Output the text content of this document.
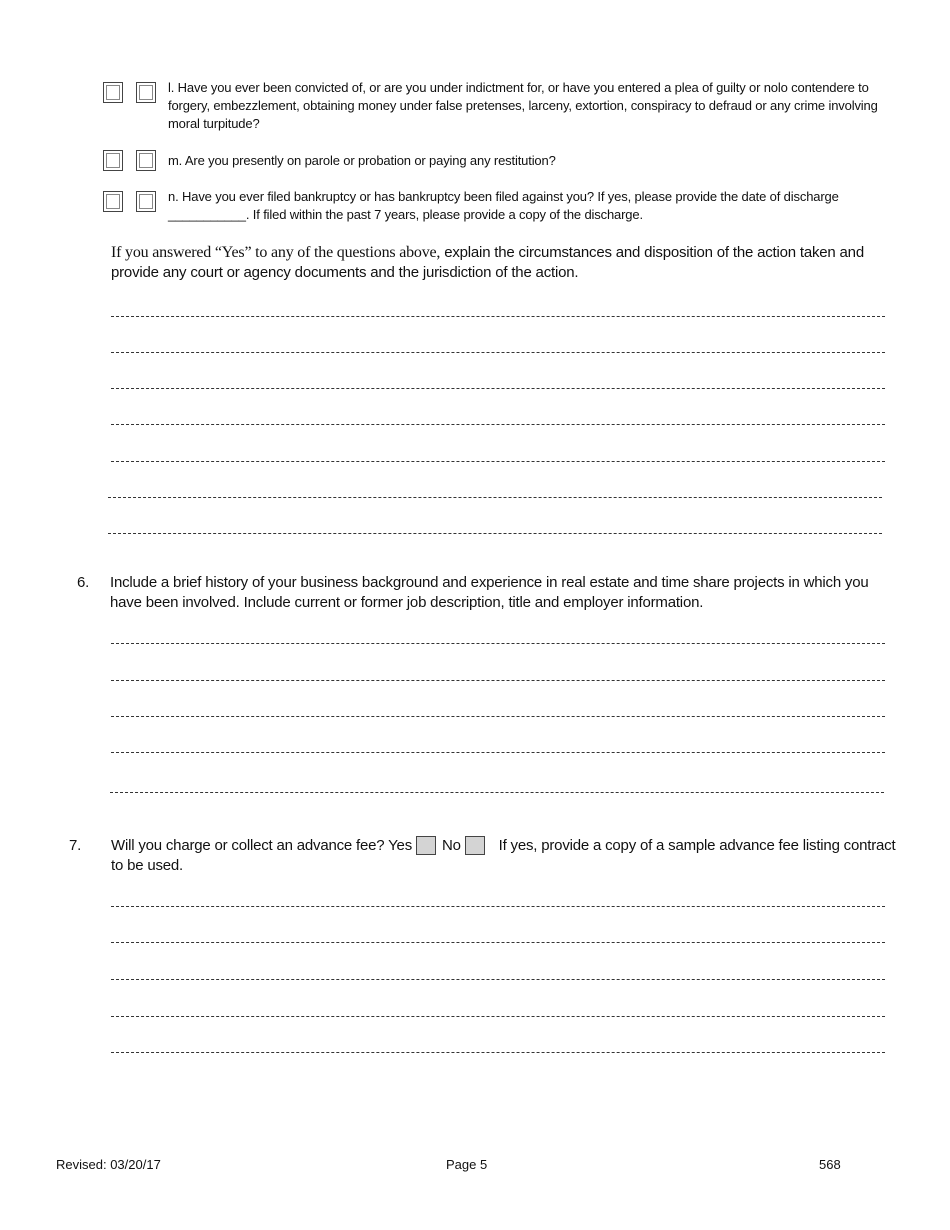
l. Have you ever been convicted of, or are you under indictment for, or have you entered a plea of guilty or nolo contendere to forgery, embezzlement, obtaining money under false pretenses, larceny, extortion, conspiracy to defraud or any crime involving moral turpitude?
m. Are you presently on parole or probation or paying any restitution?
n. Have you ever filed bankruptcy or has bankruptcy been filed against you? If yes, please provide the date of discharge ___________. If filed within the past 7 years, please provide a copy of the discharge.
If you answered “Yes” to any of the questions above, explain the circumstances and disposition of the action taken and provide any court or agency documents and the jurisdiction of the action.
6. Include a brief history of your business background and experience in real estate and time share projects in which you have been involved. Include current or former job description, title and employer information.
7. Will you charge or collect an advance fee? Yes No	If yes, provide a copy of a sample advance fee listing contract to be used.
Revised: 03/20/17	Page 5	568
